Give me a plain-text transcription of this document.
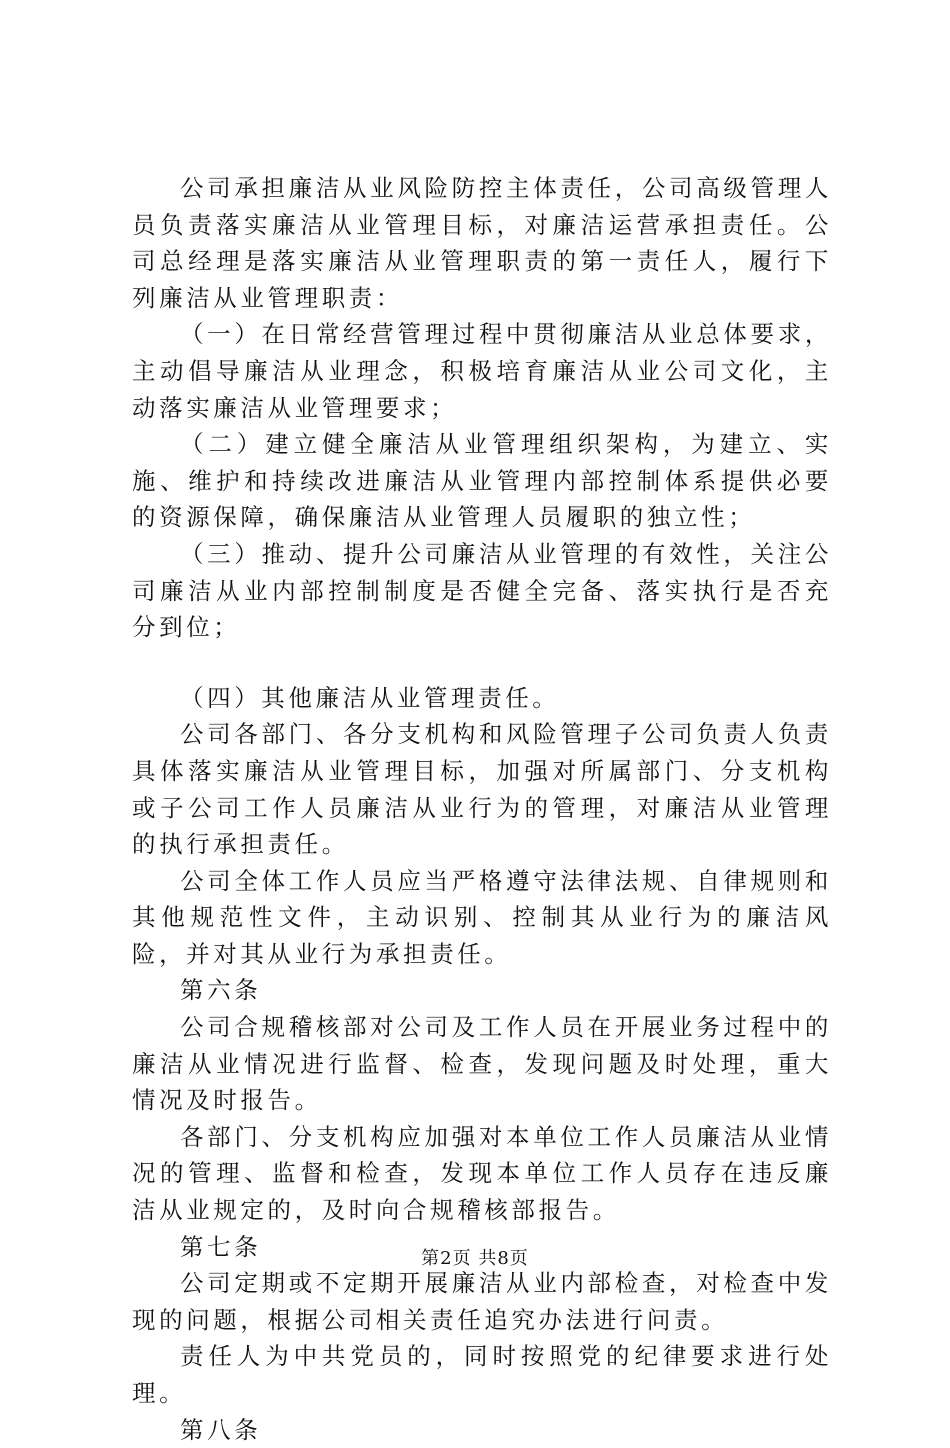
公司承担廉洁从业风险防控主体责任，公司高级管理人员负责落实廉洁从业管理目标，对廉洁运营承担责任。公司总经理是落实廉洁从业管理职责的第一责任人，履行下列廉洁从业管理职责：

（一）在日常经营管理过程中贯彻廉洁从业总体要求，主动倡导廉洁从业理念，积极培育廉洁从业公司文化，主动落实廉洁从业管理要求；

（二）建立健全廉洁从业管理组织架构，为建立、实施、维护和持续改进廉洁从业管理内部控制体系提供必要的资源保障，确保廉洁从业管理人员履职的独立性；

（三）推动、提升公司廉洁从业管理的有效性，关注公司廉洁从业内部控制制度是否健全完备、落实执行是否充分到位；

（四）其他廉洁从业管理责任。

公司各部门、各分支机构和风险管理子公司负责人负责具体落实廉洁从业管理目标，加强对所属部门、分支机构或子公司工作人员廉洁从业行为的管理，对廉洁从业管理的执行承担责任。

公司全体工作人员应当严格遵守法律法规、自律规则和其他规范性文件，主动识别、控制其从业行为的廉洁风险，并对其从业行为承担责任。

第六条

公司合规稽核部对公司及工作人员在开展业务过程中的廉洁从业情况进行监督、检查，发现问题及时处理，重大情况及时报告。

各部门、分支机构应加强对本单位工作人员廉洁从业情况的管理、监督和检查，发现本单位工作人员存在违反廉洁从业规定的，及时向合规稽核部报告。

第七条

公司定期或不定期开展廉洁从业内部检查，对检查中发现的问题，根据公司相关责任追究办法进行问责。

责任人为中共党员的，同时按照党的纪律要求进行处理。

第八条

第2页 共8页
